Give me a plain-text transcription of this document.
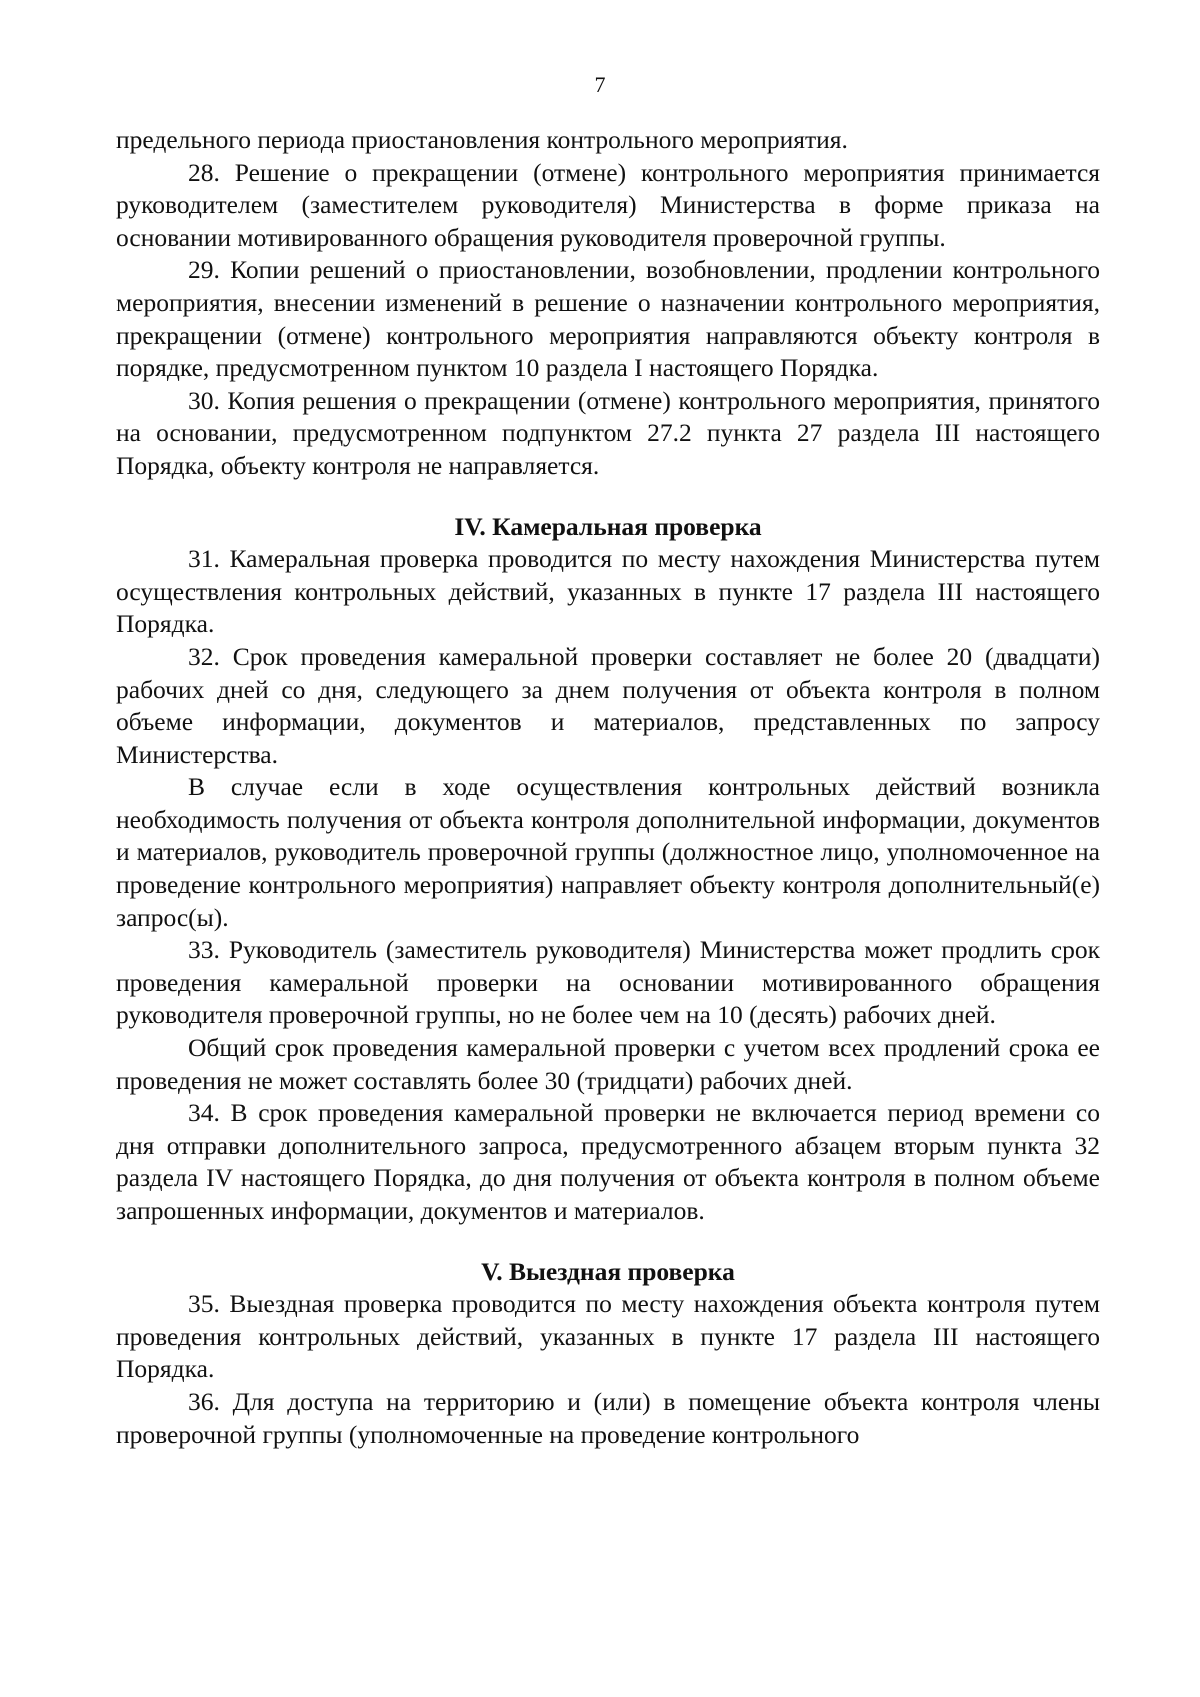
7

предельного периода приостановления контрольного мероприятия.

28. Решение о прекращении (отмене) контрольного мероприятия принимается руководителем (заместителем руководителя) Министерства в форме приказа на основании мотивированного обращения руководителя проверочной группы.

29. Копии решений о приостановлении, возобновлении, продлении контрольного мероприятия, внесении изменений в решение о назначении контрольного мероприятия, прекращении (отмене) контрольного мероприятия направляются объекту контроля в порядке, предусмотренном пунктом 10 раздела I настоящего Порядка.

30. Копия решения о прекращении (отмене) контрольного мероприятия, принятого на основании, предусмотренном подпунктом 27.2 пункта 27 раздела III настоящего Порядка, объекту контроля не направляется.

IV. Камеральная проверка

31. Камеральная проверка проводится по месту нахождения Министерства путем осуществления контрольных действий, указанных в пункте 17 раздела III настоящего Порядка.

32. Срок проведения камеральной проверки составляет не более 20 (двадцати) рабочих дней со дня, следующего за днем получения от объекта контроля в полном объеме информации, документов и материалов, представленных по запросу Министерства.

В случае если в ходе осуществления контрольных действий возникла необходимость получения от объекта контроля дополнительной информации, документов и материалов, руководитель проверочной группы (должностное лицо, уполномоченное на проведение контрольного мероприятия) направляет объекту контроля дополнительный(е) запрос(ы).

33. Руководитель (заместитель руководителя) Министерства может продлить срок проведения камеральной проверки на основании мотивированного обращения руководителя проверочной группы, но не более чем на 10 (десять) рабочих дней.

Общий срок проведения камеральной проверки с учетом всех продлений срока ее проведения не может составлять более 30 (тридцати) рабочих дней.

34. В срок проведения камеральной проверки не включается период времени со дня отправки дополнительного запроса, предусмотренного абзацем вторым пункта 32 раздела IV настоящего Порядка, до дня получения от объекта контроля в полном объеме запрошенных информации, документов и материалов.

V. Выездная проверка

35. Выездная проверка проводится по месту нахождения объекта контроля путем проведения контрольных действий, указанных в пункте 17 раздела III настоящего Порядка.

36. Для доступа на территорию и (или) в помещение объекта контроля члены проверочной группы (уполномоченные на проведение контрольного
